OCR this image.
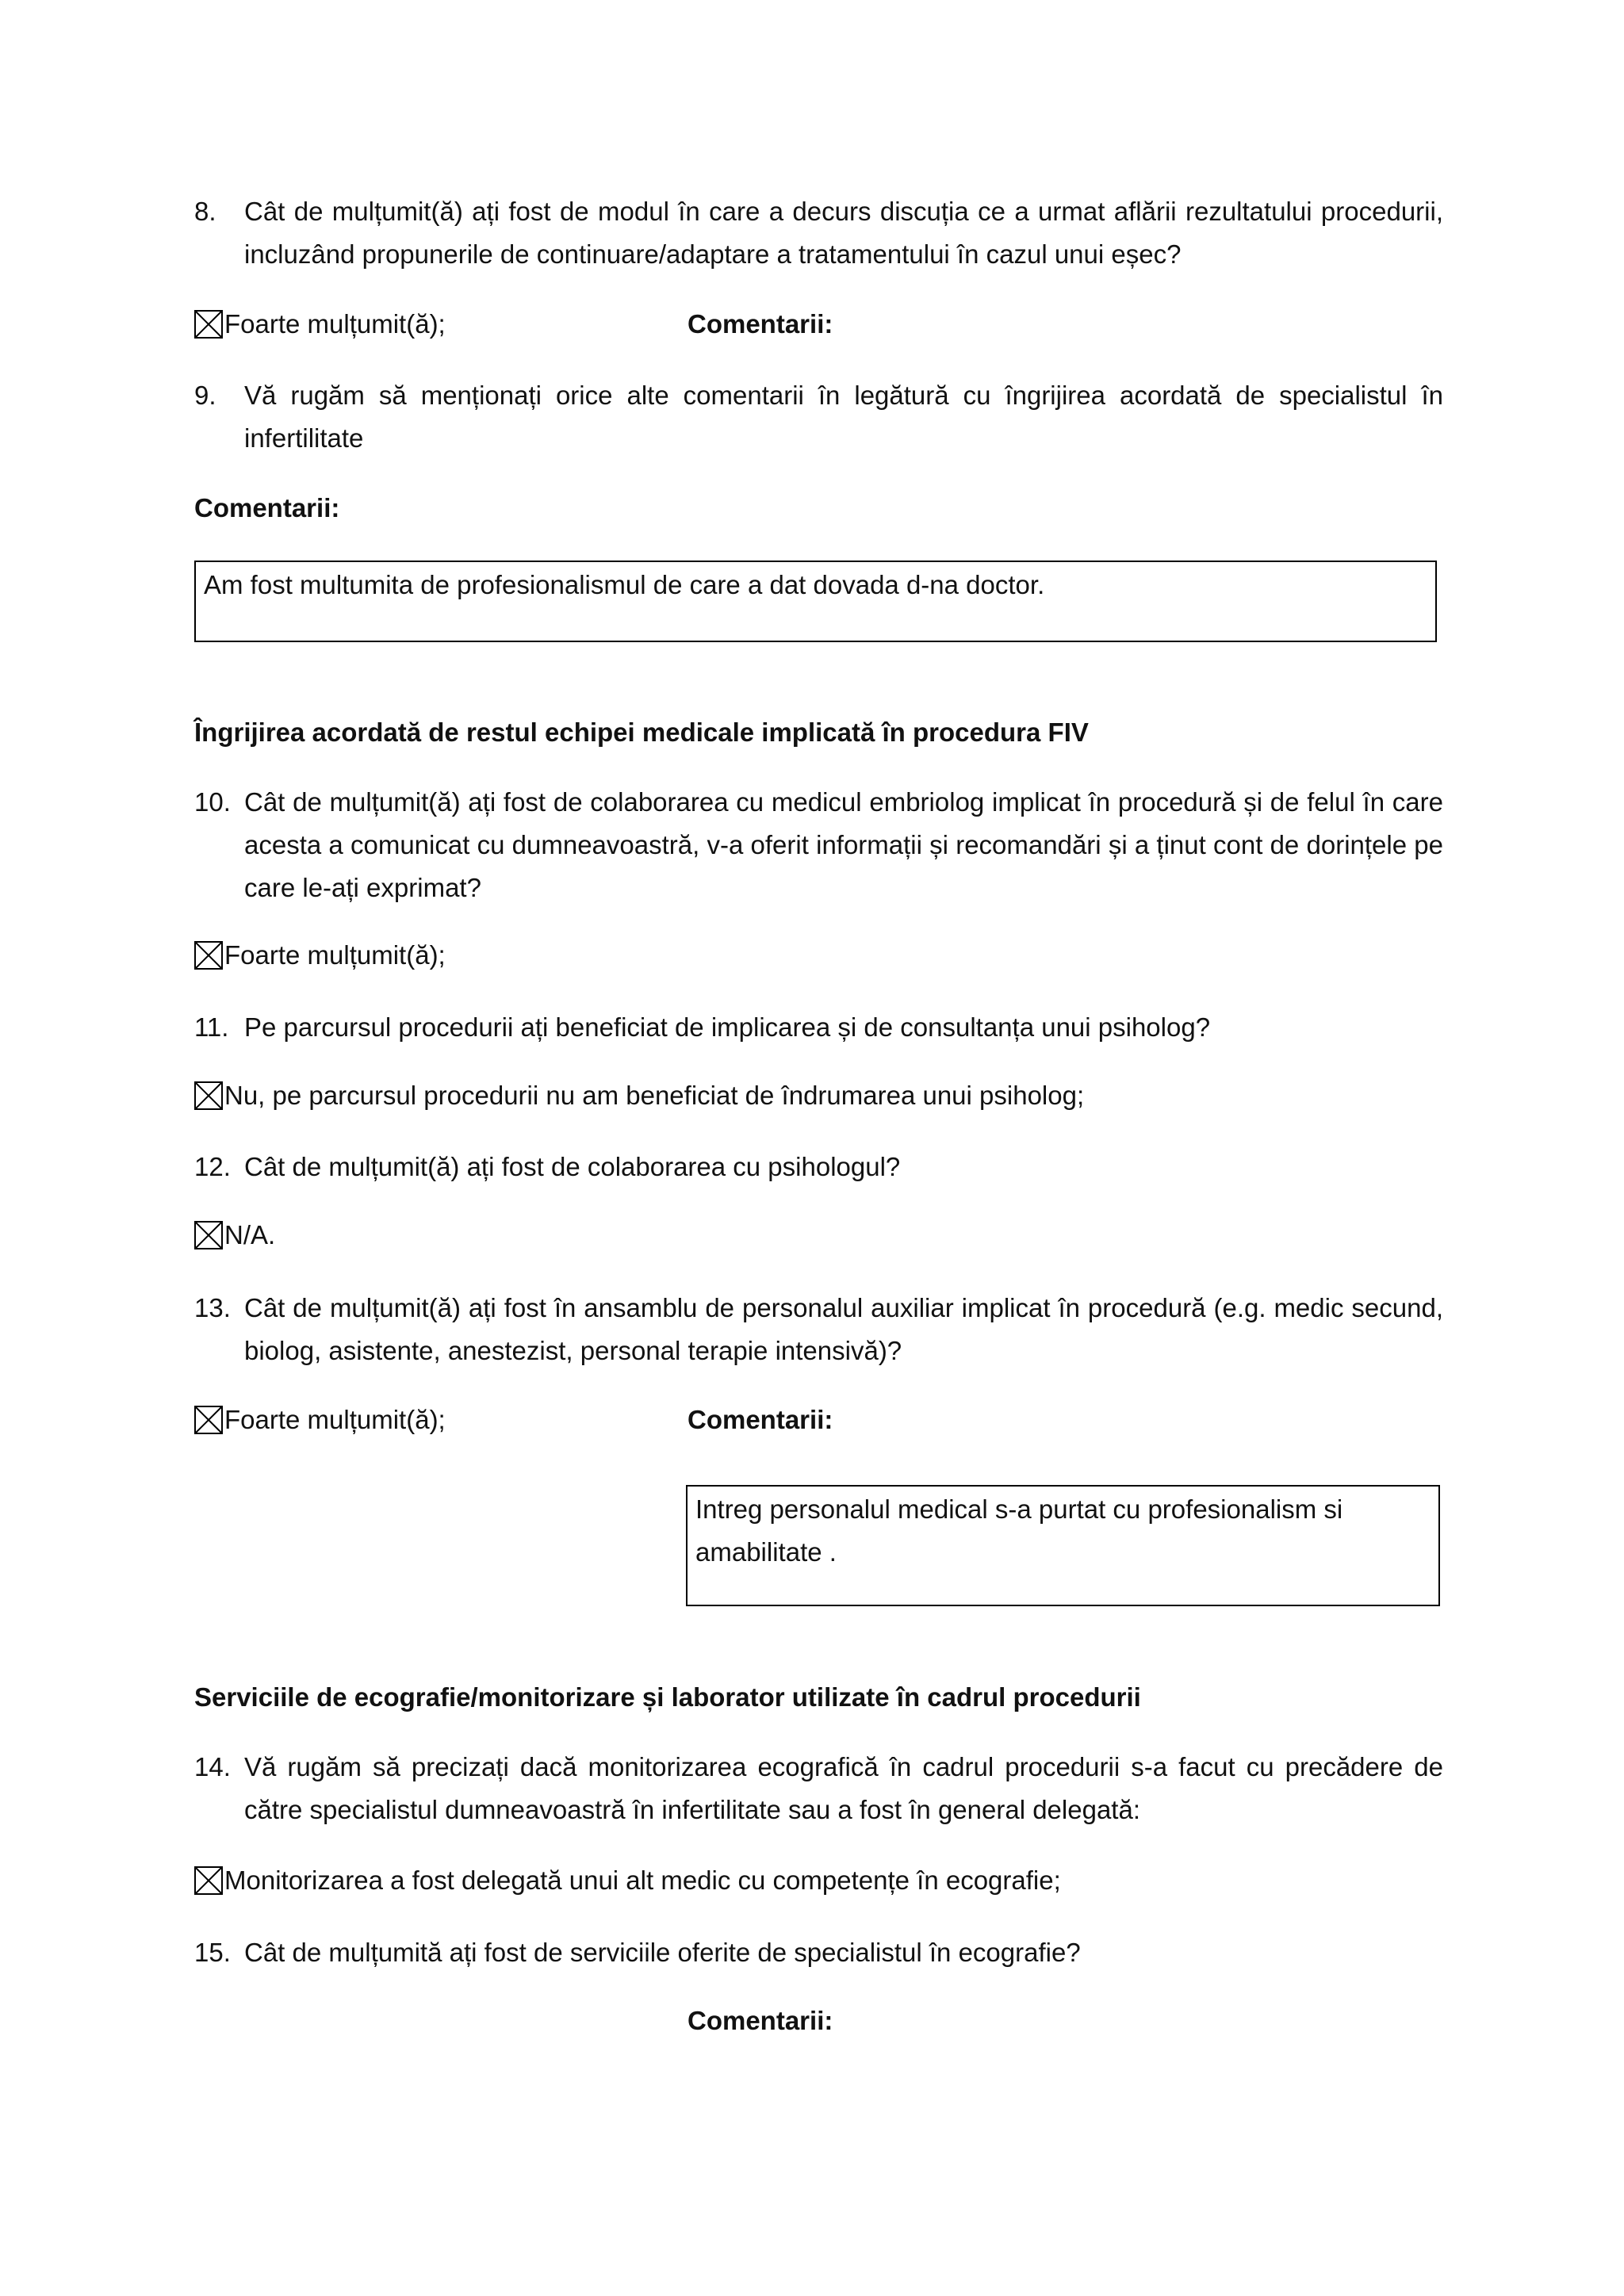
8. Cât de mulțumit(ă) ați fost de modul în care a decurs discuția ce a urmat aflării rezultatului procedurii, incluzând propunerile de continuare/adaptare a tratamentului în cazul unui eșec?
Foarte mulțumit(ă);	Comentarii:
9. Vă rugăm să menționați orice alte comentarii în legătură cu îngrijirea acordată de specialistul în infertilitate
Comentarii:
Am fost multumita de profesionalismul de care a dat dovada d-na doctor.
Îngrijirea acordată de restul echipei medicale implicată în procedura FIV
10. Cât de mulțumit(ă) ați fost de colaborarea cu medicul embriolog implicat în procedură și de felul în care acesta a comunicat cu dumneavoastră, v-a oferit informații și recomandări și a ținut cont de dorințele pe care le-ați exprimat?
Foarte mulțumit(ă);
11. Pe parcursul procedurii ați beneficiat de implicarea și de consultanța unui psiholog?
Nu, pe parcursul procedurii nu am beneficiat de îndrumarea unui psiholog;
12. Cât de mulțumit(ă) ați fost de colaborarea cu psihologul?
N/A.
13. Cât de mulțumit(ă) ați fost în ansamblu de personalul auxiliar implicat în procedură (e.g. medic secund, biolog, asistente, anestezist, personal terapie intensivă)?
Foarte mulțumit(ă);	Comentarii:
Intreg personalul medical s-a purtat cu profesionalism si amabilitate .
Serviciile de ecografie/monitorizare și laborator utilizate în cadrul procedurii
14. Vă rugăm să precizați dacă monitorizarea ecografică în cadrul procedurii s-a facut cu precădere de către specialistul dumneavoastră în infertilitate sau a fost în general delegată:
Monitorizarea a fost delegată unui alt medic cu competențe în ecografie;
15. Cât de mulțumită ați fost de serviciile oferite de specialistul în ecografie?
Comentarii:
